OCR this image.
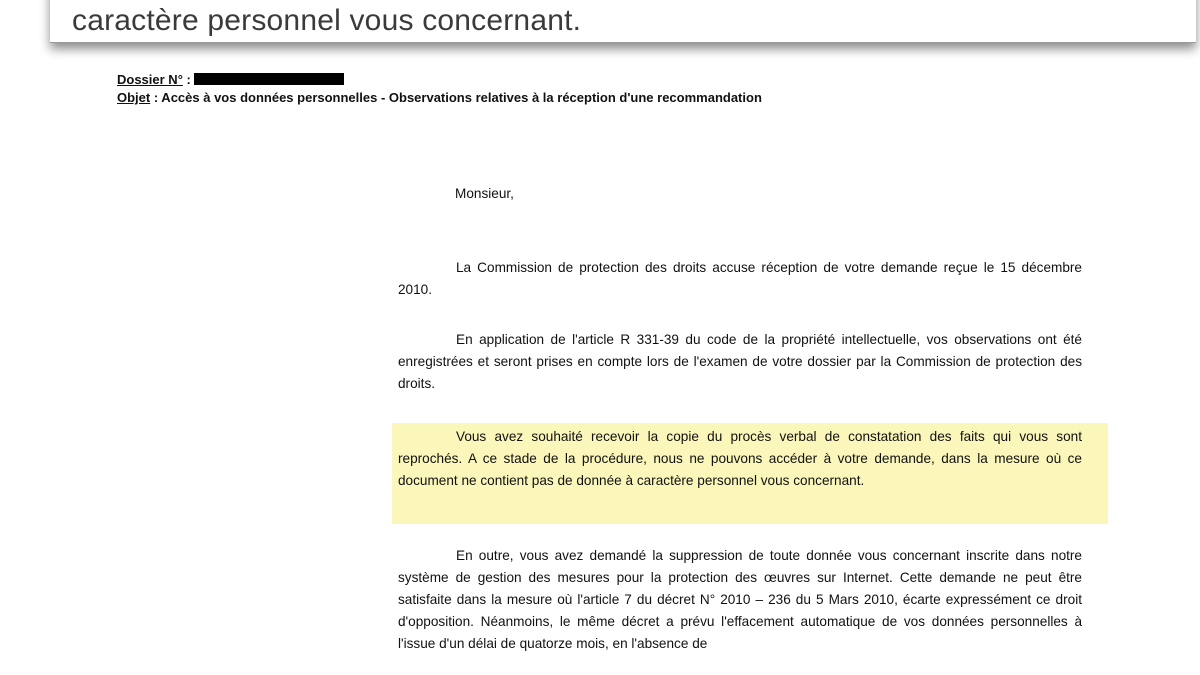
caractère personnel vous concernant.
Dossier N° :
Objet : Accès à vos données personnelles - Observations relatives à la réception d'une recommandation
Monsieur,

La Commission de protection des droits accuse réception de votre demande reçue le 15 décembre 2010.

En application de l'article R 331-39 du code de la propriété intellectuelle, vos observations ont été enregistrées et seront prises en compte lors de l'examen de votre dossier par la Commission de protection des droits.

Vous avez souhaité recevoir la copie du procès verbal de constatation des faits qui vous sont reprochés. A ce stade de la procédure, nous ne pouvons accéder à votre demande, dans la mesure où ce document ne contient pas de donnée à caractère personnel vous concernant.

En outre, vous avez demandé la suppression de toute donnée vous concernant inscrite dans notre système de gestion des mesures pour la protection des œuvres sur Internet. Cette demande ne peut être satisfaite dans la mesure où l'article 7 du décret N° 2010 – 236 du 5 Mars 2010, écarte expressément ce droit d'opposition. Néanmoins, le même décret a prévu l'effacement automatique de vos données personnelles à l'issue d'un délai de quatorze mois, en l'absence de
